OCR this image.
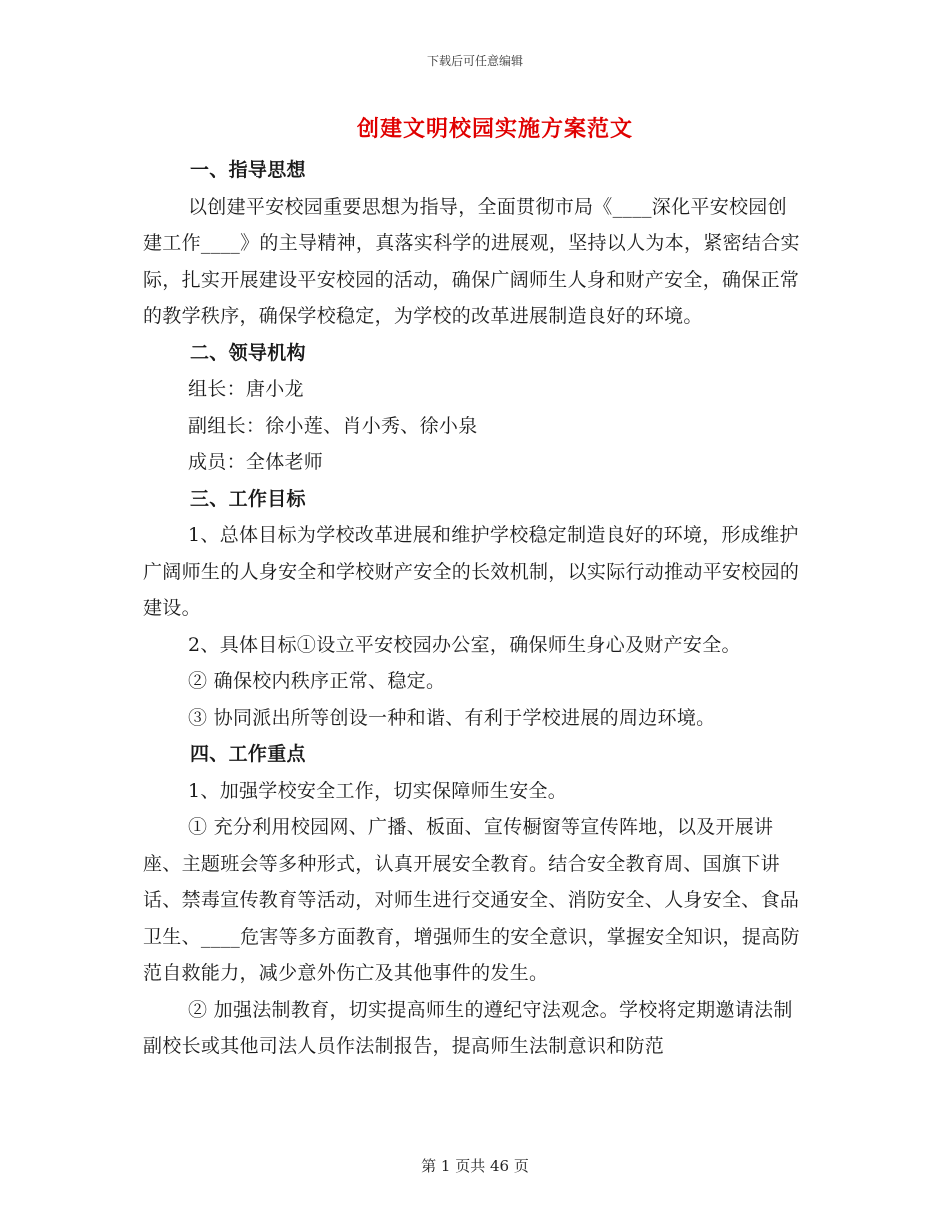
下载后可任意编辑
创建文明校园实施方案范文

一、指导思想

以创建平安校园重要思想为指导，全面贯彻市局《____深化平安校园创建工作____》的主导精神，真落实科学的进展观，坚持以人为本，紧密结合实际，扎实开展建设平安校园的活动，确保广阔师生人身和财产安全，确保正常的教学秩序，确保学校稳定，为学校的改革进展制造良好的环境。

二、领导机构

组长：唐小龙

副组长：徐小莲、肖小秀、徐小泉

成员：全体老师

三、工作目标

1、总体目标为学校改革进展和维护学校稳定制造良好的环境，形成维护广阔师生的人身安全和学校财产安全的长效机制，以实际行动推动平安校园的建设。

2、具体目标①设立平安校园办公室，确保师生身心及财产安全。

② 确保校内秩序正常、稳定。

③ 协同派出所等创设一种和谐、有利于学校进展的周边环境。

四、工作重点

1、加强学校安全工作，切实保障师生安全。

① 充分利用校园网、广播、板面、宣传橱窗等宣传阵地，以及开展讲座、主题班会等多种形式，认真开展安全教育。结合安全教育周、国旗下讲话、禁毒宣传教育等活动，对师生进行交通安全、消防安全、人身安全、食品卫生、____危害等多方面教育，增强师生的安全意识，掌握安全知识，提高防范自救能力，减少意外伤亡及其他事件的发生。

② 加强法制教育，切实提高师生的遵纪守法观念。学校将定期邀请法制副校长或其他司法人员作法制报告，提高师生法制意识和防范

第 1 页共 46 页
